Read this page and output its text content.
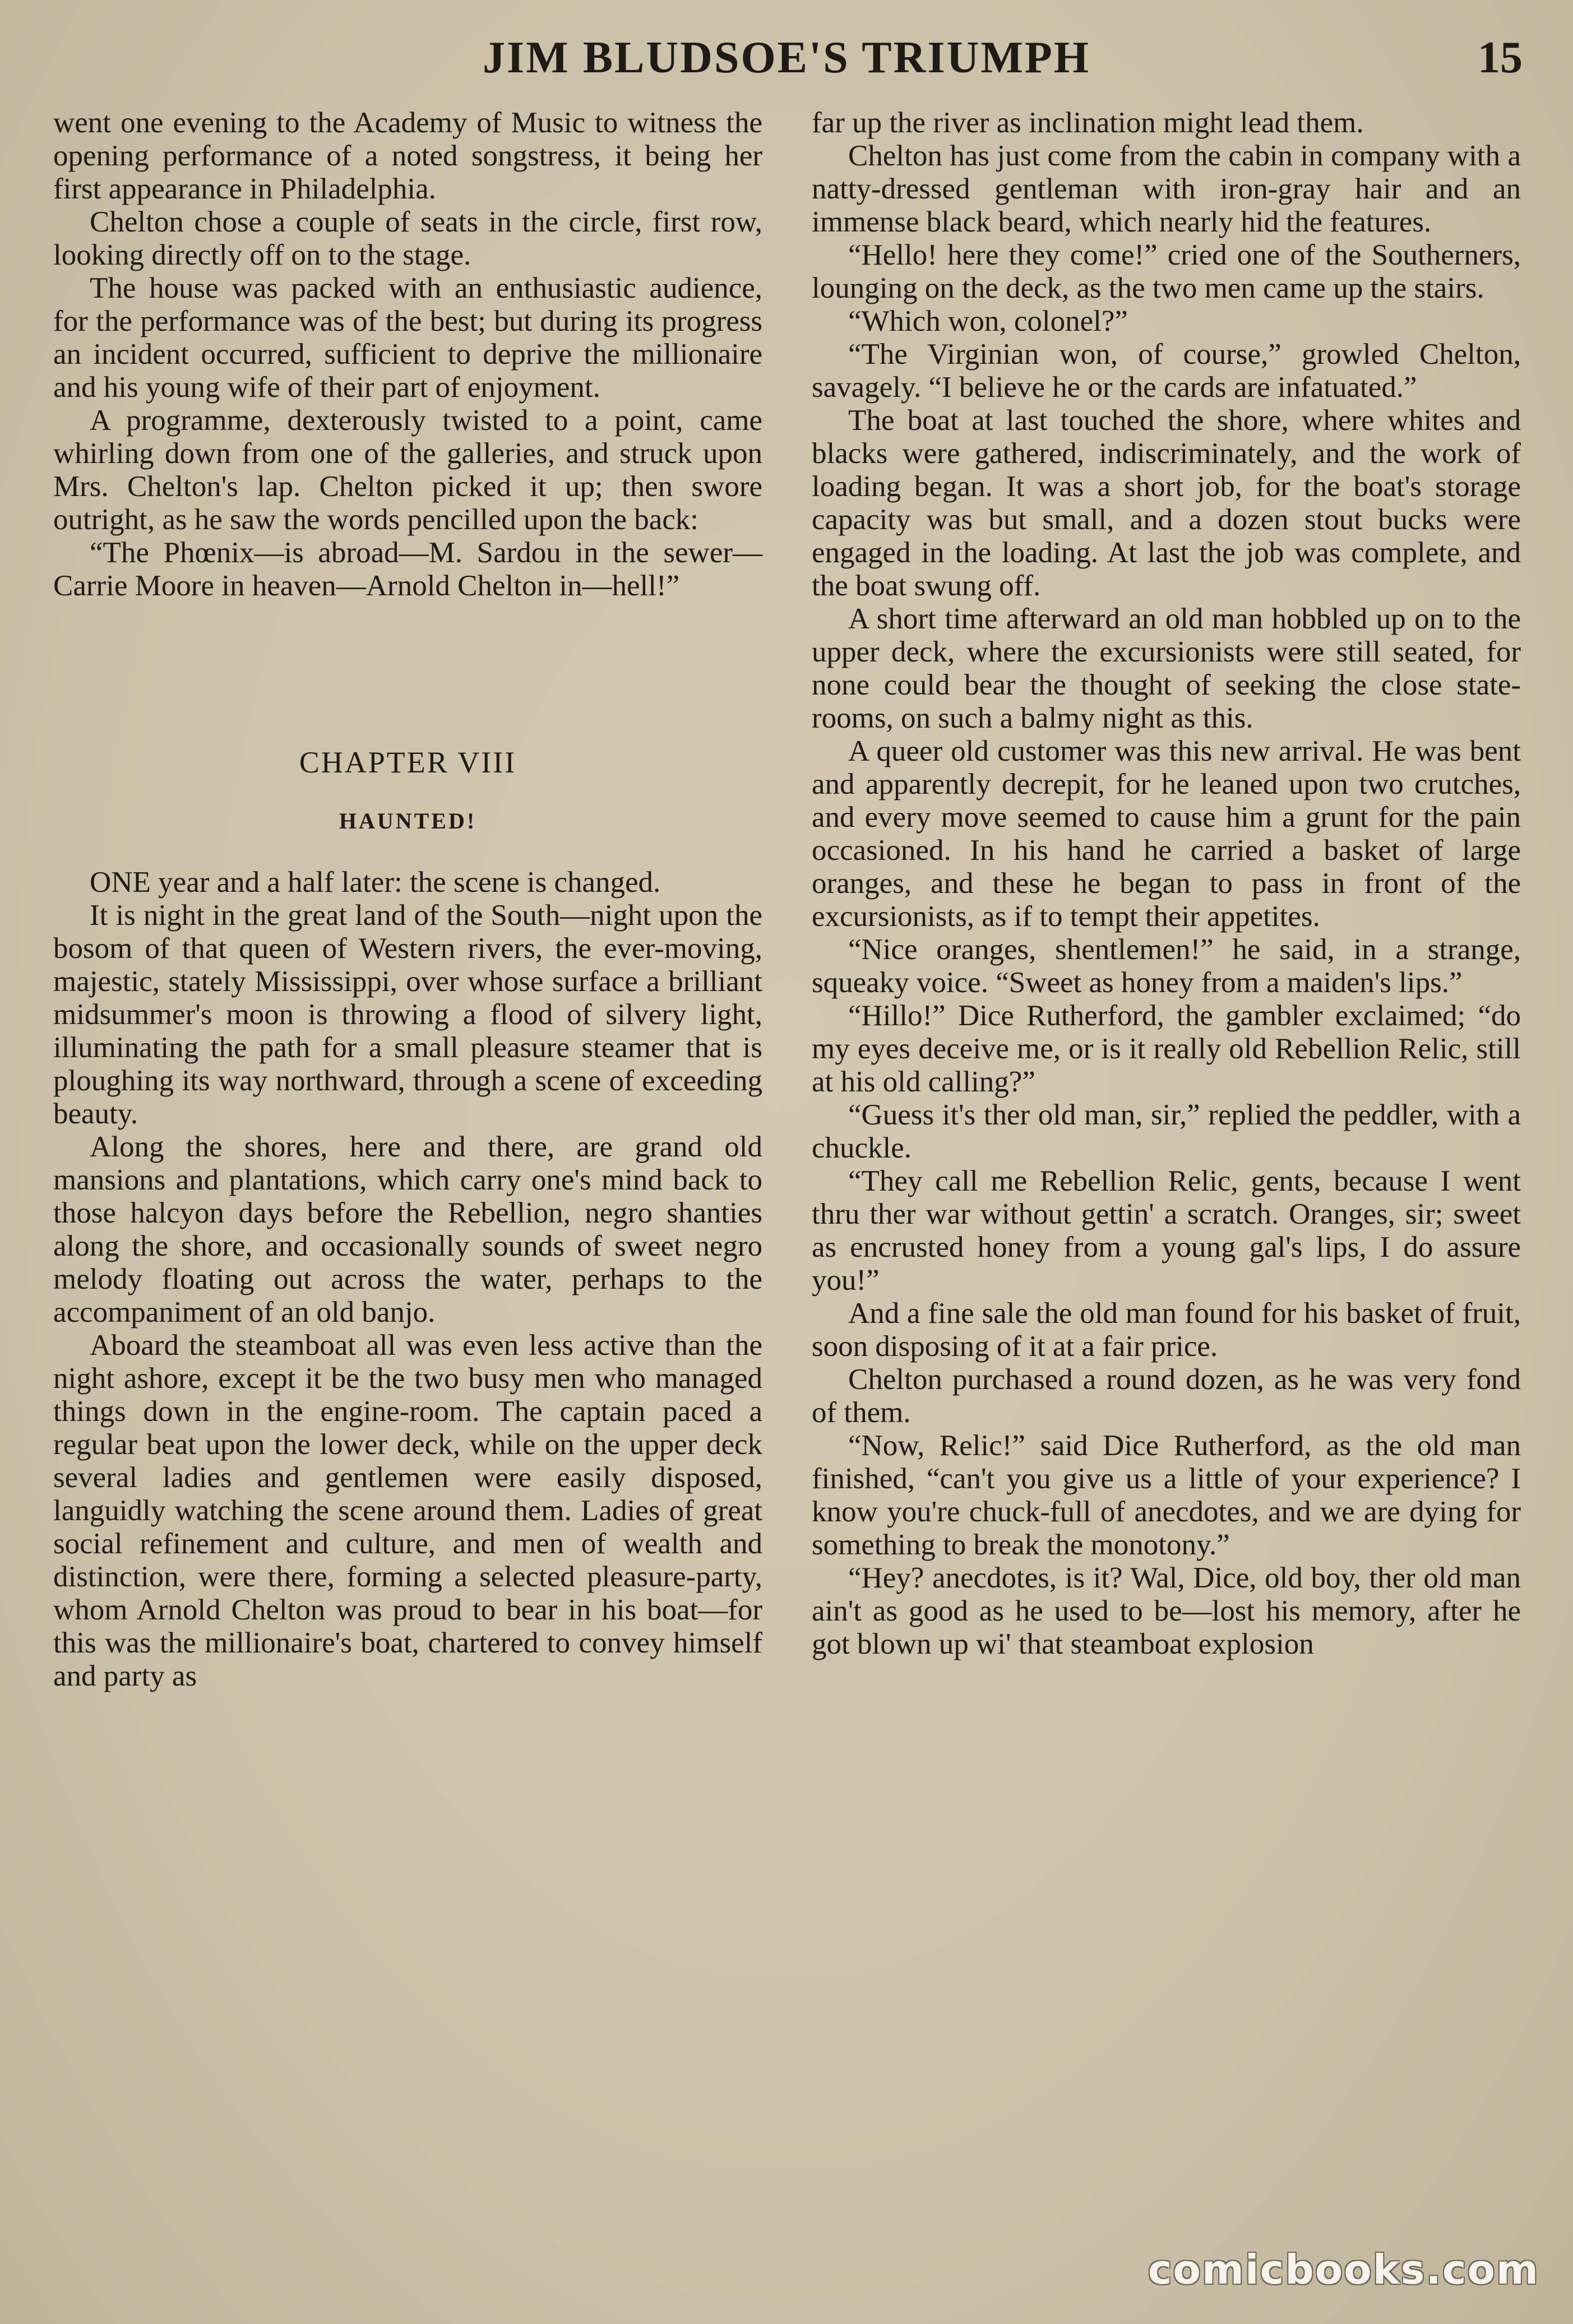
JIM BLUDSOE'S TRIUMPH	15

went one evening to the Academy of Music to witness the opening performance of a noted songstress, it being her first appearance in Philadelphia.

Chelton chose a couple of seats in the circle, first row, looking directly off on to the stage.

The house was packed with an enthusiastic audience, for the performance was of the best; but during its progress an incident occurred, sufficient to deprive the millionaire and his young wife of their part of enjoyment.

A programme, dexterously twisted to a point, came whirling down from one of the galleries, and struck upon Mrs. Chelton's lap. Chelton picked it up; then swore outright, as he saw the words pencilled upon the back:

“The Phœnix—is abroad—M. Sardou in the sewer—Carrie Moore in heaven—Arnold Chelton in—hell!”

CHAPTER VIII
HAUNTED!

ONE year and a half later: the scene is changed.

It is night in the great land of the South—night upon the bosom of that queen of Western rivers, the ever-moving, majestic, stately Mississippi, over whose surface a brilliant midsummer's moon is throwing a flood of silvery light, illuminating the path for a small pleasure steamer that is ploughing its way northward, through a scene of exceeding beauty.

Along the shores, here and there, are grand old mansions and plantations, which carry one's mind back to those halcyon days before the Rebellion, negro shanties along the shore, and occasionally sounds of sweet negro melody floating out across the water, perhaps to the accompaniment of an old banjo.

Aboard the steamboat all was even less active than the night ashore, except it be the two busy men who managed things down in the engine-room. The captain paced a regular beat upon the lower deck, while on the upper deck several ladies and gentlemen were easily disposed, languidly watching the scene around them. Ladies of great social refinement and culture, and men of wealth and distinction, were there, forming a selected pleasure-party, whom Arnold Chelton was proud to bear in his boat—for this was the millionaire's boat, chartered to convey himself and party as

far up the river as inclination might lead them.

Chelton has just come from the cabin in company with a natty-dressed gentleman with iron-gray hair and an immense black beard, which nearly hid the features.

“Hello! here they come!” cried one of the Southerners, lounging on the deck, as the two men came up the stairs.

“Which won, colonel?”

“The Virginian won, of course,” growled Chelton, savagely. “I believe he or the cards are infatuated.”

The boat at last touched the shore, where whites and blacks were gathered, indiscriminately, and the work of loading began. It was a short job, for the boat's storage capacity was but small, and a dozen stout bucks were engaged in the loading. At last the job was complete, and the boat swung off.

A short time afterward an old man hobbled up on to the upper deck, where the excursionists were still seated, for none could bear the thought of seeking the close state-rooms, on such a balmy night as this.

A queer old customer was this new arrival. He was bent and apparently decrepit, for he leaned upon two crutches, and every move seemed to cause him a grunt for the pain occasioned. In his hand he carried a basket of large oranges, and these he began to pass in front of the excursionists, as if to tempt their appetites.

“Nice oranges, shentlemen!” he said, in a strange, squeaky voice. “Sweet as honey from a maiden's lips.”

“Hillo!” Dice Rutherford, the gambler exclaimed; “do my eyes deceive me, or is it really old Rebellion Relic, still at his old calling?”

“Guess it's ther old man, sir,” replied the peddler, with a chuckle.

“They call me Rebellion Relic, gents, because I went thru ther war without gettin' a scratch. Oranges, sir; sweet as encrusted honey from a young gal's lips, I do assure you!”

And a fine sale the old man found for his basket of fruit, soon disposing of it at a fair price.

Chelton purchased a round dozen, as he was very fond of them.

“Now, Relic!” said Dice Rutherford, as the old man finished, “can't you give us a little of your experience? I know you're chuck-full of anecdotes, and we are dying for something to break the monotony.”

“Hey? anecdotes, is it? Wal, Dice, old boy, ther old man ain't as good as he used to be—lost his memory, after he got blown up wi' that steamboat explosion

comicbooks.com
